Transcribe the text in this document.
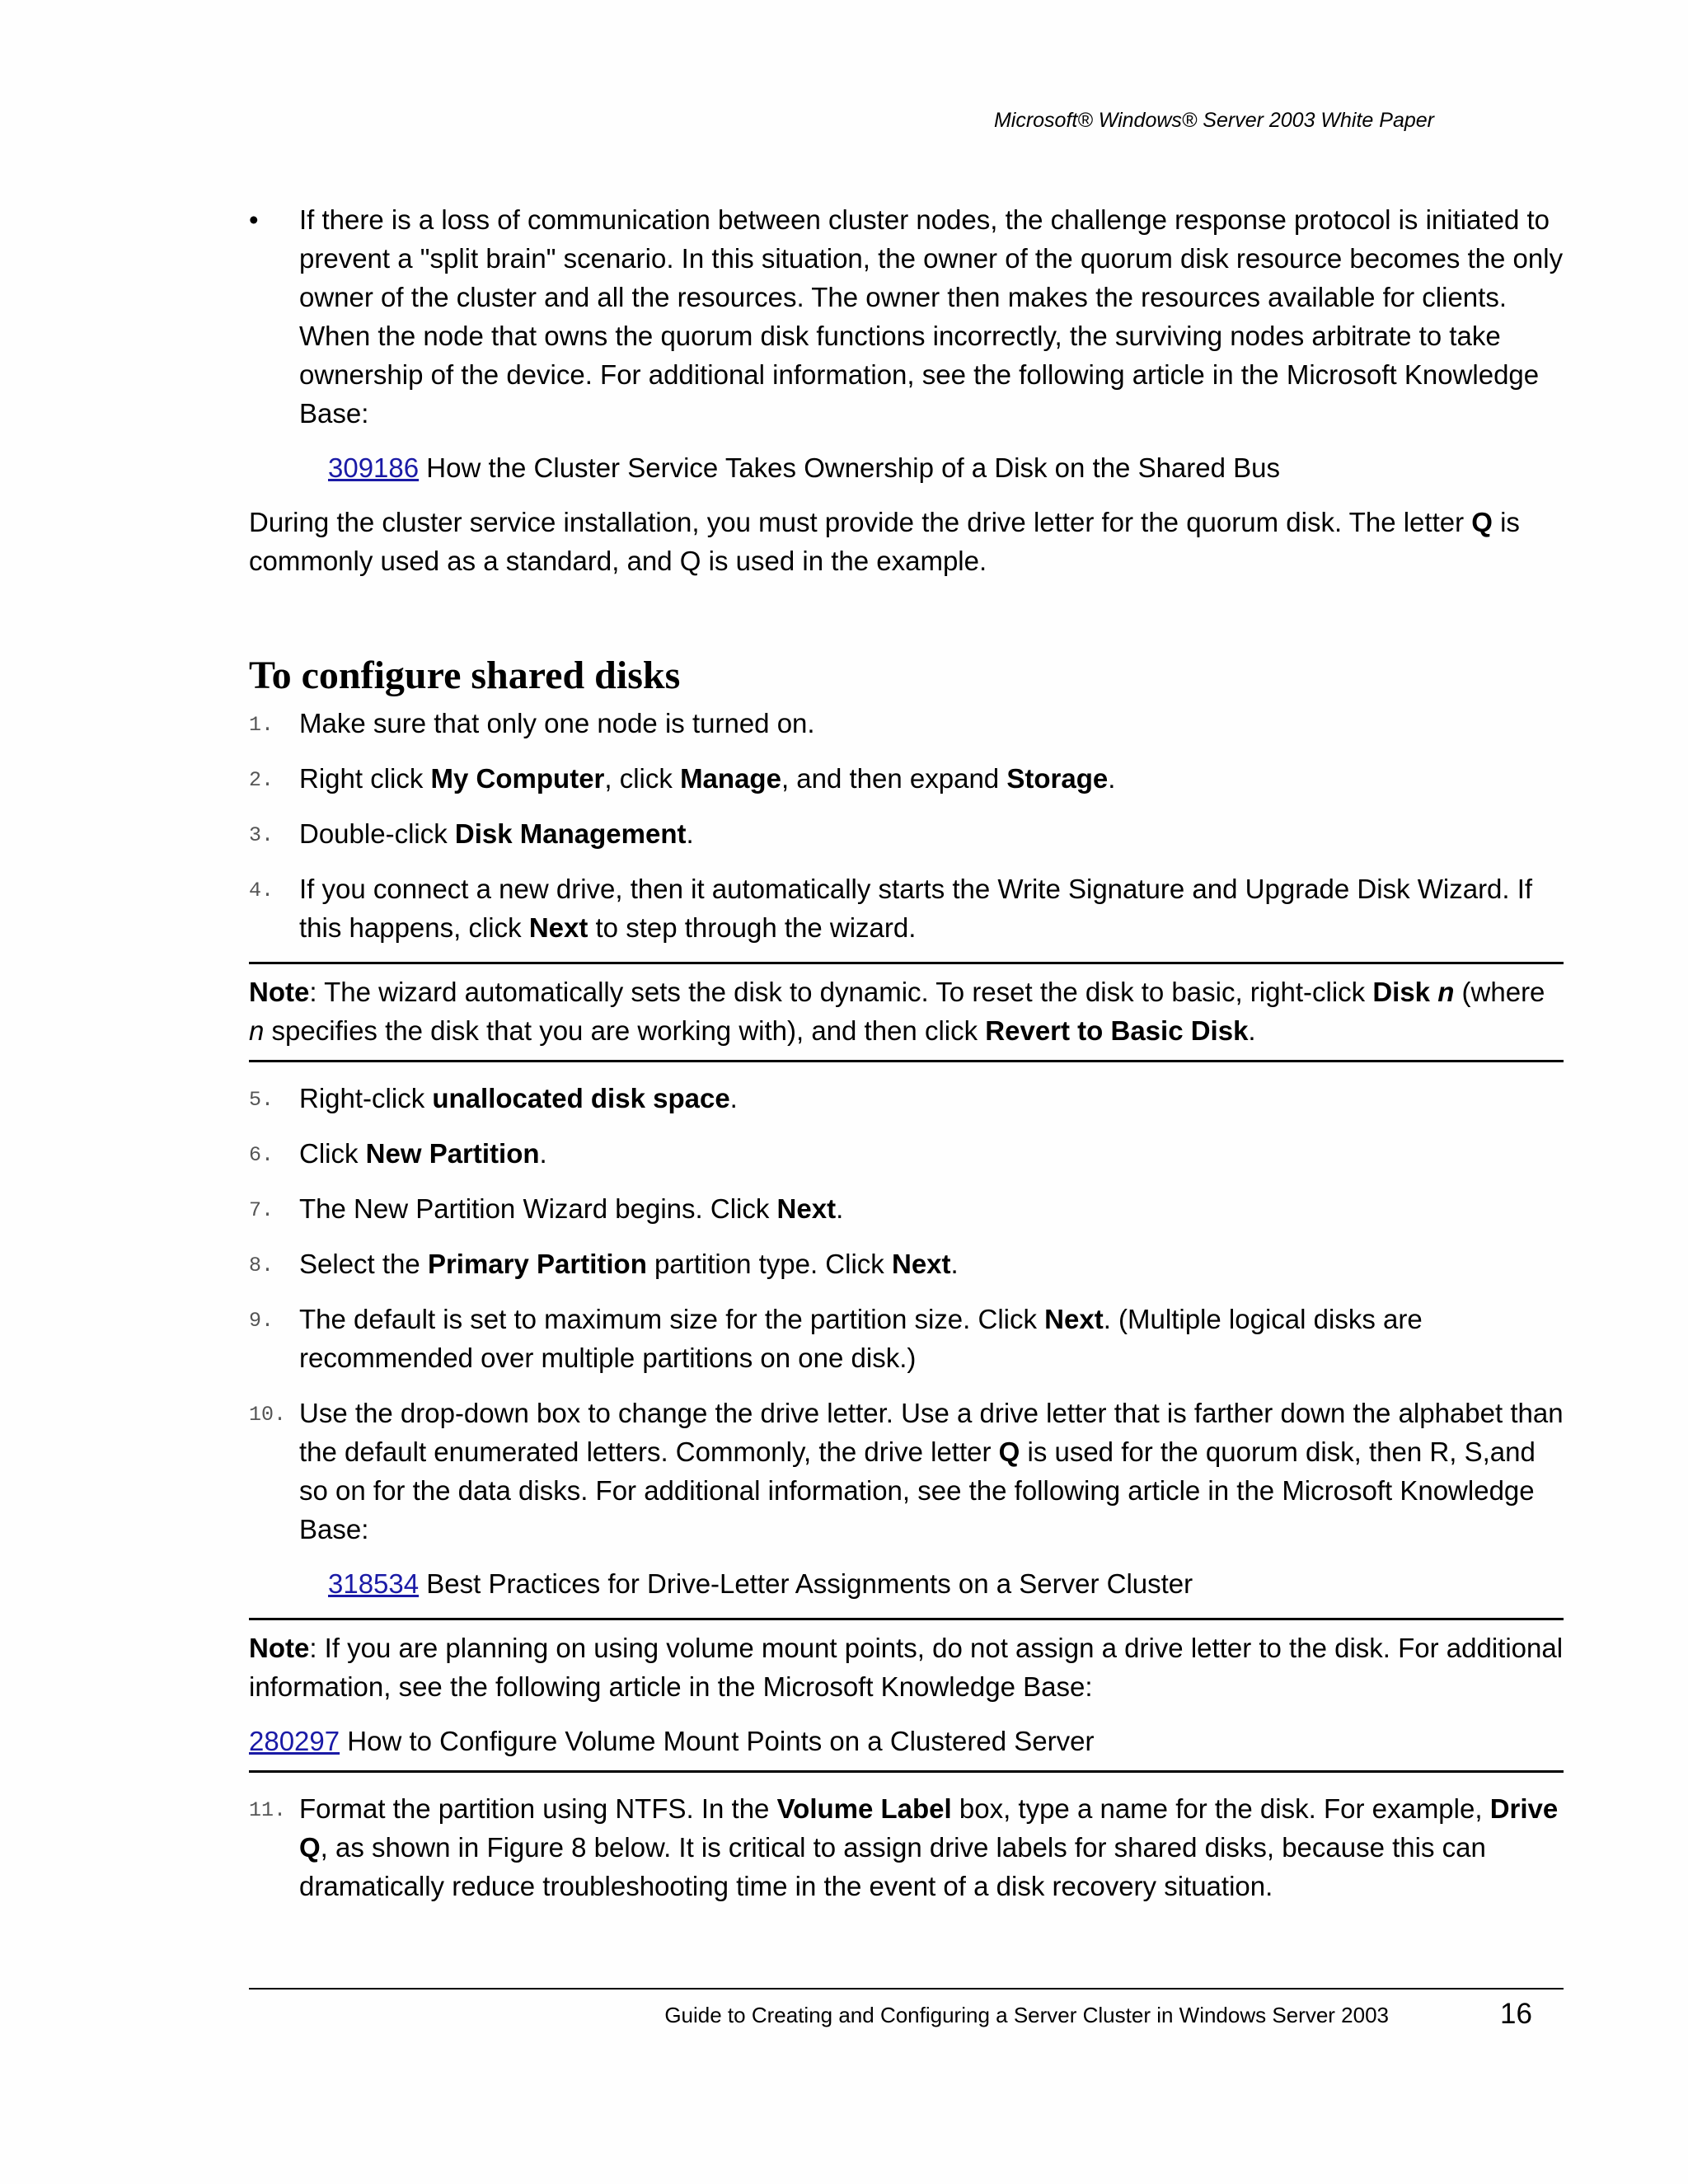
Microsoft® Windows® Server 2003 White Paper
• If there is a loss of communication between cluster nodes, the challenge response protocol is initiated to prevent a "split brain" scenario. In this situation, the owner of the quorum disk resource becomes the only owner of the cluster and all the resources. The owner then makes the resources available for clients. When the node that owns the quorum disk functions incorrectly, the surviving nodes arbitrate to take ownership of the device. For additional information, see the following article in the Microsoft Knowledge Base:
309186 How the Cluster Service Takes Ownership of a Disk on the Shared Bus

During the cluster service installation, you must provide the drive letter for the quorum disk. The letter Q is commonly used as a standard, and Q is used in the example.

To configure shared disks
1. Make sure that only one node is turned on.
2. Right click My Computer, click Manage, and then expand Storage.
3. Double-click Disk Management.
4. If you connect a new drive, then it automatically starts the Write Signature and Upgrade Disk Wizard. If this happens, click Next to step through the wizard.

Note: The wizard automatically sets the disk to dynamic. To reset the disk to basic, right-click Disk n (where n specifies the disk that you are working with), and then click Revert to Basic Disk.

5. Right-click unallocated disk space.
6. Click New Partition.
7. The New Partition Wizard begins. Click Next.
8. Select the Primary Partition partition type. Click Next.
9. The default is set to maximum size for the partition size. Click Next. (Multiple logical disks are recommended over multiple partitions on one disk.)
10. Use the drop-down box to change the drive letter. Use a drive letter that is farther down the alphabet than the default enumerated letters. Commonly, the drive letter Q is used for the quorum disk, then R, S,and so on for the data disks. For additional information, see the following article in the Microsoft Knowledge Base:
318534 Best Practices for Drive-Letter Assignments on a Server Cluster

Note: If you are planning on using volume mount points, do not assign a drive letter to the disk. For additional information, see the following article in the Microsoft Knowledge Base:

280297 How to Configure Volume Mount Points on a Clustered Server

11. Format the partition using NTFS. In the Volume Label box, type a name for the disk. For example, Drive Q, as shown in Figure 8 below. It is critical to assign drive labels for shared disks, because this can dramatically reduce troubleshooting time in the event of a disk recovery situation.
Guide to Creating and Configuring a Server Cluster in Windows Server 2003	16
